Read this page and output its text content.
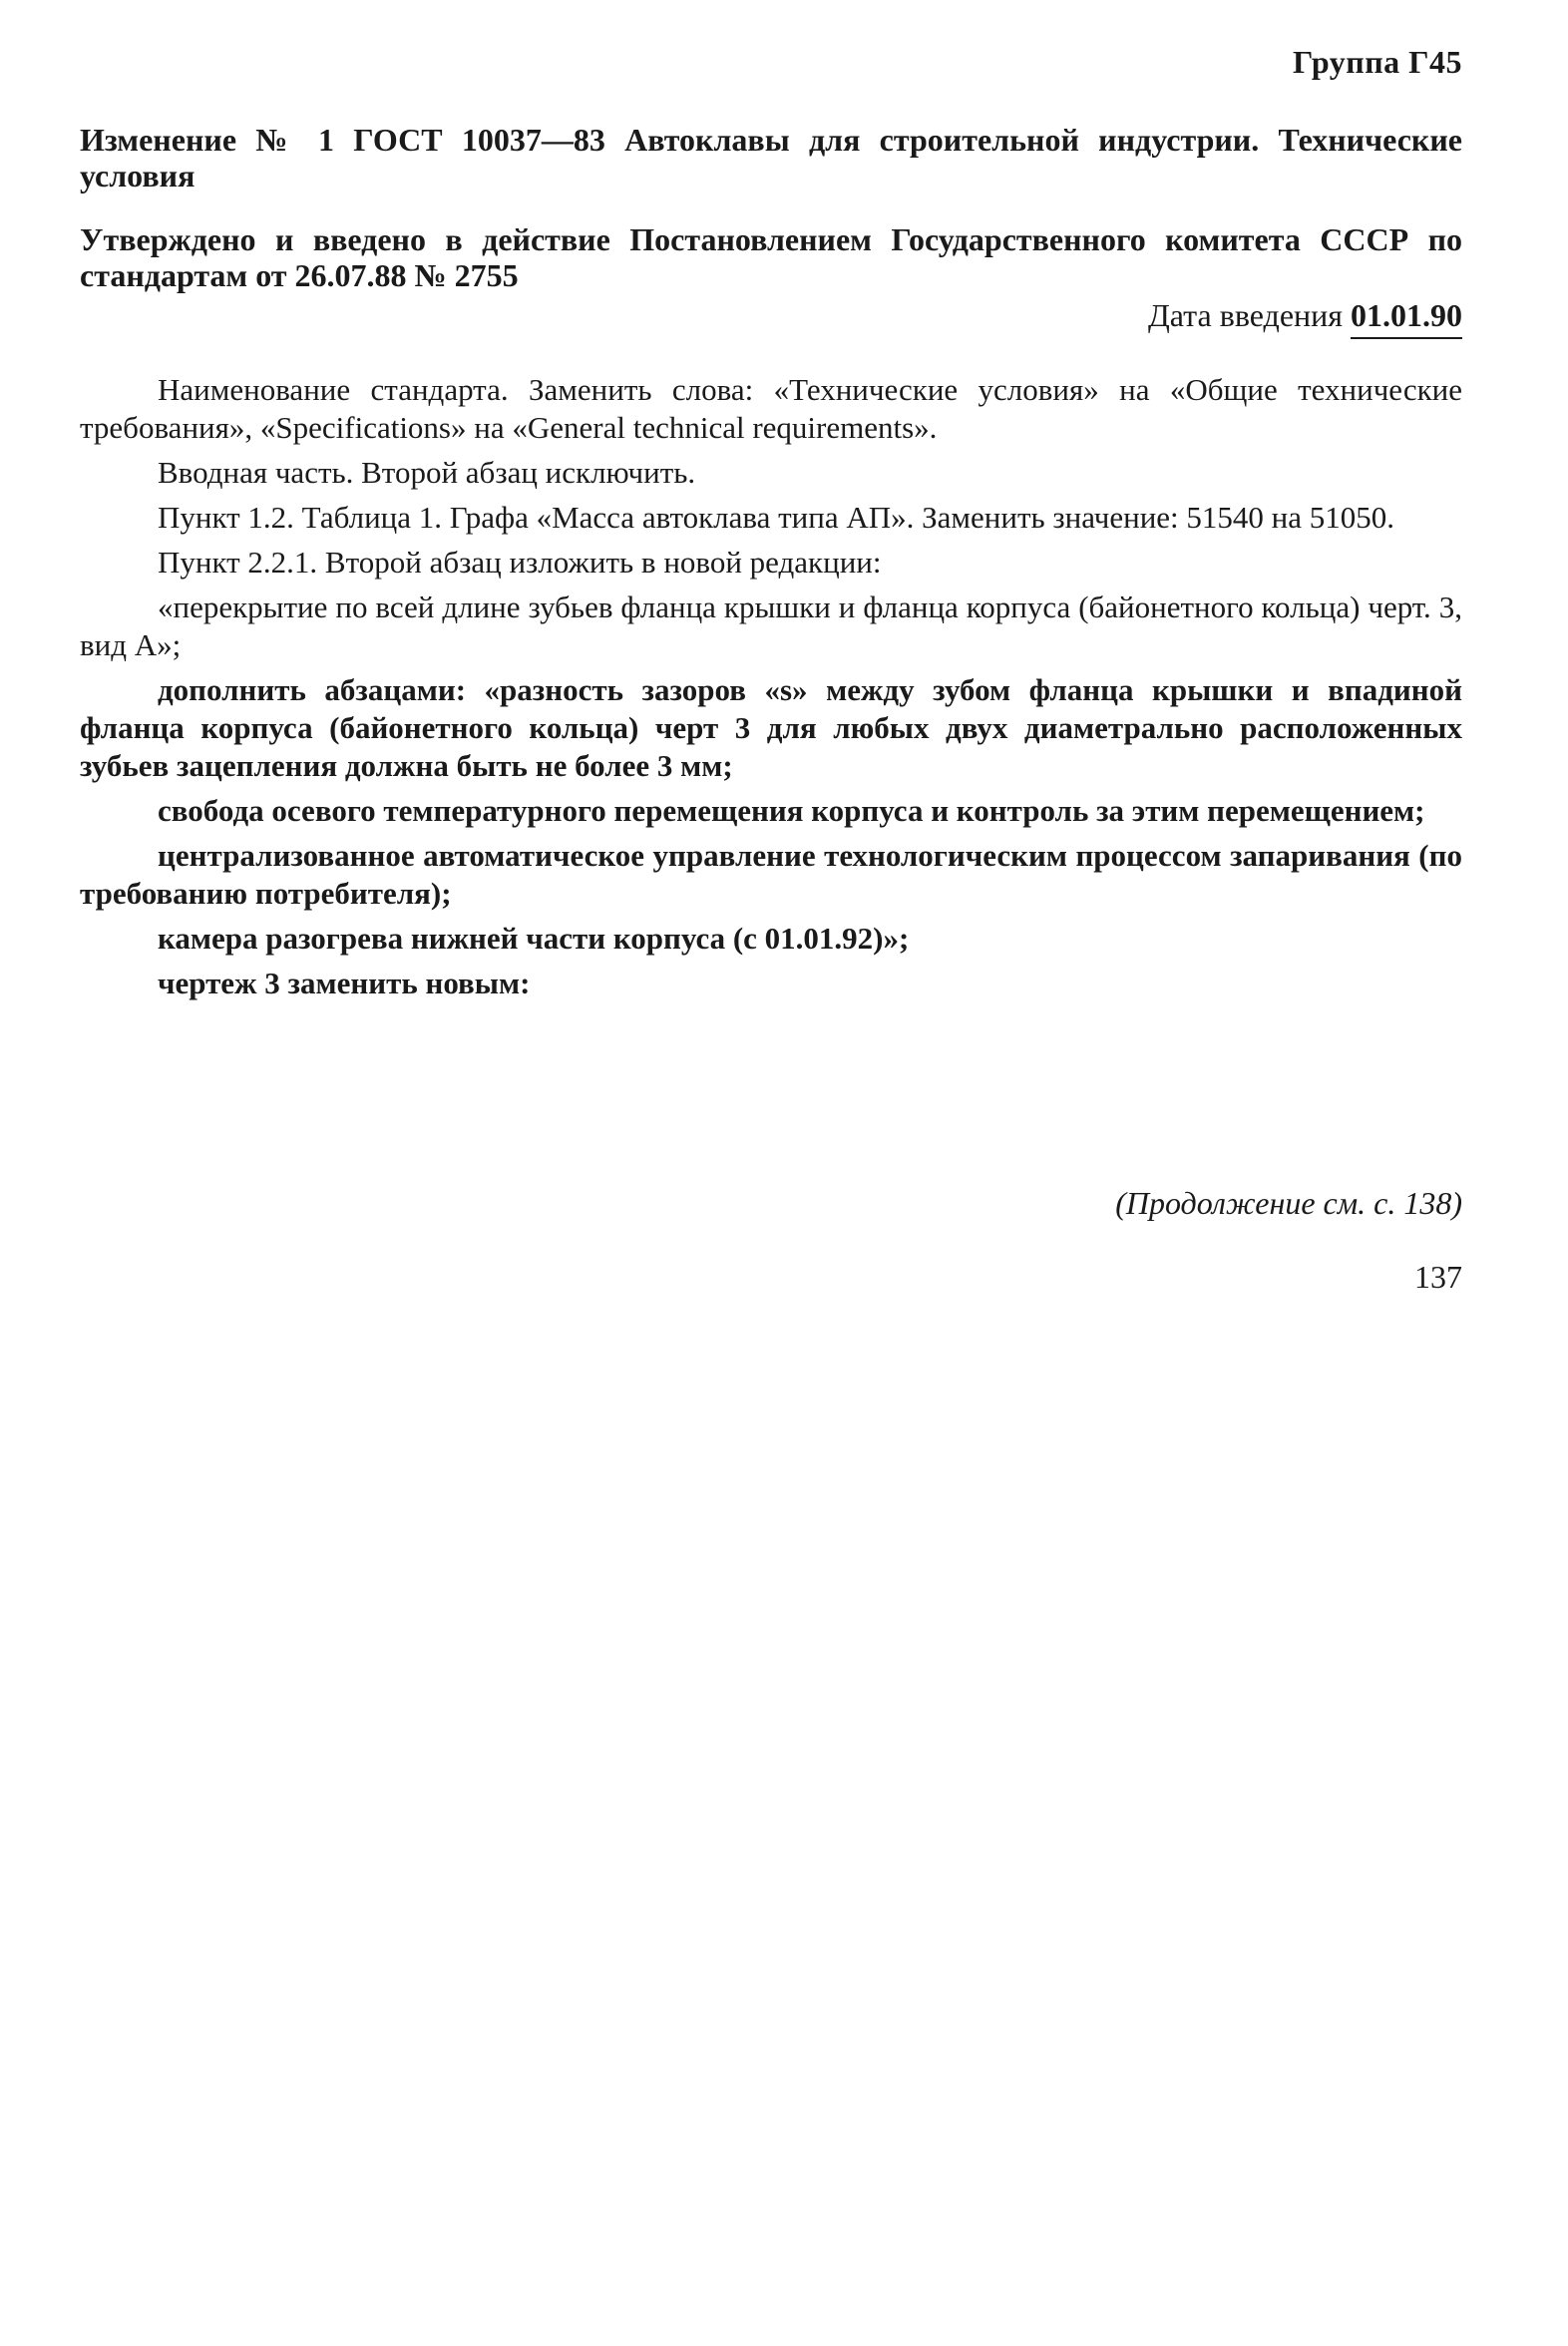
Группа Г45
Изменение № 1 ГОСТ 10037—83 Автоклавы для строительной индустрии. Технические условия
Утверждено и введено в действие Постановлением Государственного комитета СССР по стандартам от 26.07.88 № 2755
Дата введения 01.01.90

Наименование стандарта. Заменить слова: «Технические условия» на «Общие технические требования», «Specifications» на «General technical requirements».

Вводная часть. Второй абзац исключить.

Пункт 1.2. Таблица 1. Графа «Масса автоклава типа АП». Заменить значение: 51540 на 51050.

Пункт 2.2.1. Второй абзац изложить в новой редакции:

«перекрытие по всей длине зубьев фланца крышки и фланца корпуса (байонетного кольца) черт. 3, вид А»;

дополнить абзацами: «разность зазоров «s» между зубом фланца крышки и впадиной фланца корпуса (байонетного кольца) черт 3 для любых двух диаметрально расположенных зубьев зацепления должна быть не более 3 мм;

свобода осевого температурного перемещения корпуса и контроль за этим перемещением;

централизованное автоматическое управление технологическим процессом запаривания (по требованию потребителя);

камера разогрева нижней части корпуса (с 01.01.92)»;

чертеж 3 заменить новым:

(Продолжение см. с. 138)
137
